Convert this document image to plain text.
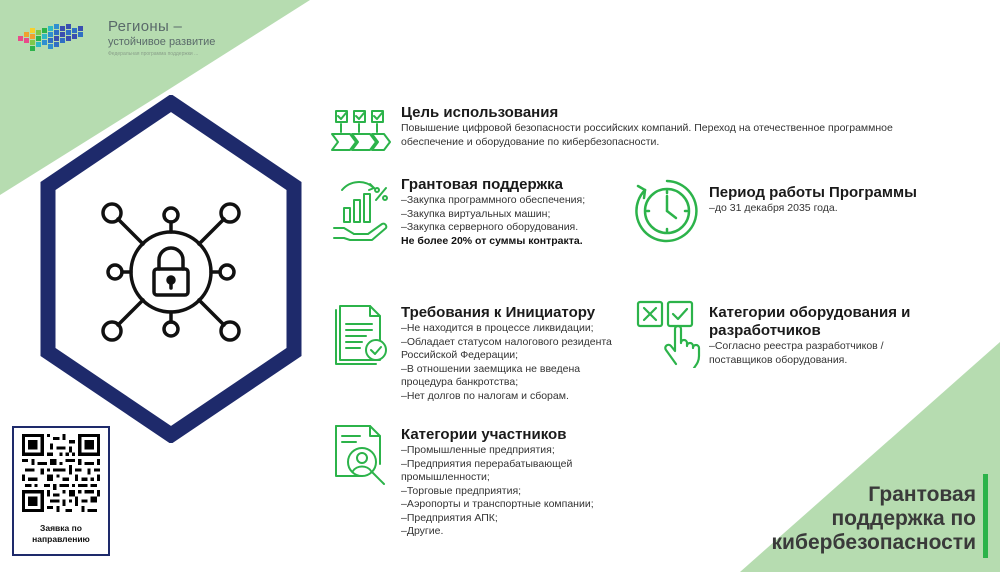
Регионы –
устойчивое развитие
Федеральная программа поддержки ...
Цель использования
Повышение цифровой безопасности российских компаний. Переход на отечественное программное
обеспечение и оборудование по кибербезопасности.
Грантовая поддержка
–Закупка программного обеспечения;
–Закупка виртуальных машин;
–Закупка серверного оборудования.
Не более 20% от суммы контракта.
Период работы Программы
–до 31 декабря 2035 года.
Требования к Инициатору
–Не находится в процессе ликвидации;
–Обладает статусом налогового резидента
Российской Федерации;
–В отношении заемщика не введена
процедура банкротства;
–Нет долгов по налогам и сборам.
Категории оборудования и
разработчиков
–Согласно реестра разработчиков /
поставщиков оборудования.
Категории участников
–Промышленные предприятия;
–Предприятия перерабатывающей
промышленности;
–Торговые предприятия;
–Аэропорты и транспортные компании;
–Предприятия АПК;
–Другие.
Заявка по
направлению
Грантовая
поддержка по
кибербезопасности
